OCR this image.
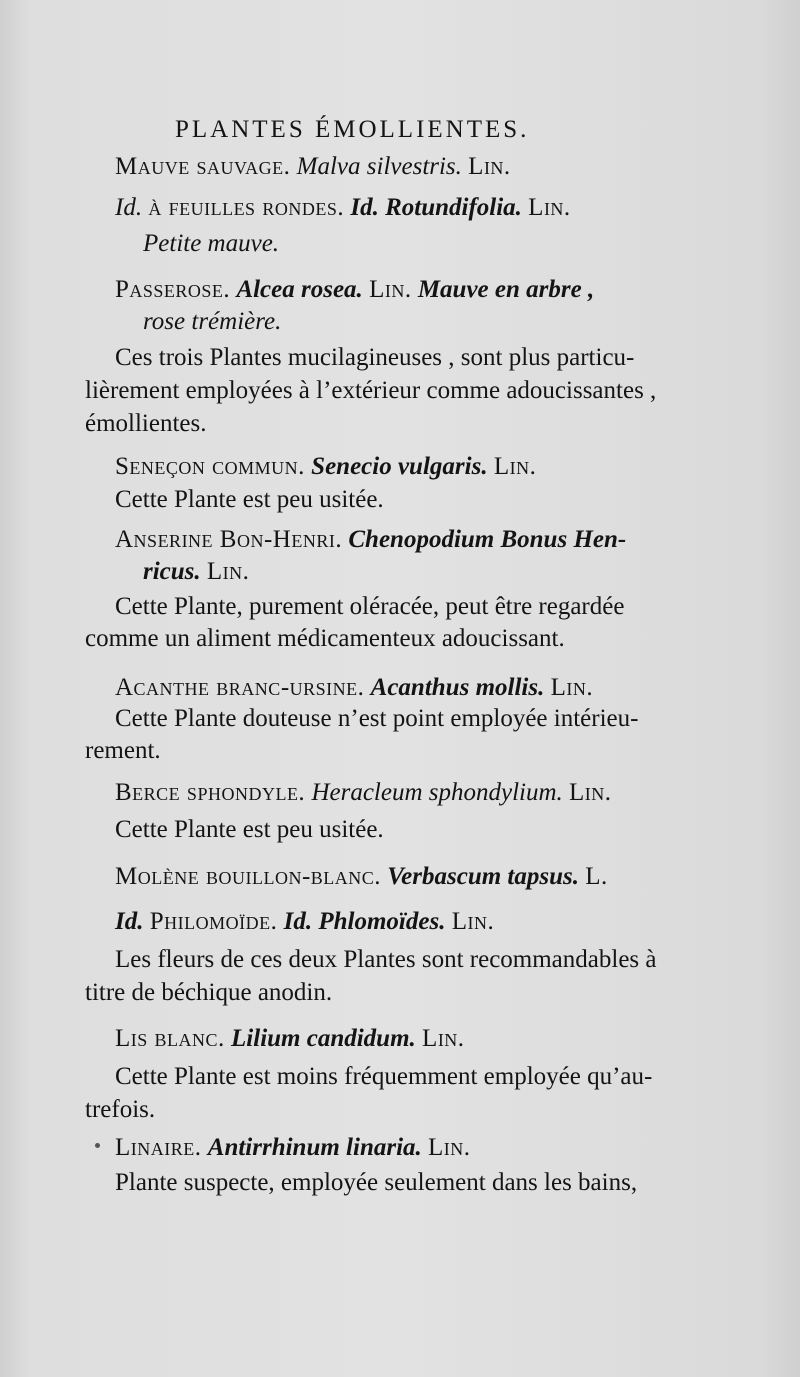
PLANTES ÉMOLLIENTES.
Mauve sauvage. Malva silvestris. Lin.
Id. à feuilles rondes. Id. Rotundifolia. Lin.
Petite mauve.
Passerose. Alcea rosea. Lin. Mauve en arbre ,
rose trémière.
Ces trois Plantes mucilagineuses , sont plus particu-
lièrement employées à l’extérieur comme adoucissantes ,
émollientes.
Seneçon commun. Senecio vulgaris. Lin.
Cette Plante est peu usitée.
Anserine Bon-Henri. Chenopodium Bonus Hen-
ricus. Lin.
Cette Plante, purement oléracée, peut être regardée
comme un aliment médicamenteux adoucissant.
Acanthe branc-ursine. Acanthus mollis. Lin.
Cette Plante douteuse n’est point employée intérieu-
rement.
Berce sphondyle. Heracleum sphondylium. Lin.
Cette Plante est peu usitée.
Molène bouillon-blanc. Verbascum tapsus. L.
Id. Philomoïde. Id. Phlomoïdes. Lin.
Les fleurs de ces deux Plantes sont recommandables à
titre de béchique anodin.
Lis blanc. Lilium candidum. Lin.
Cette Plante est moins fréquemment employée qu’au-
trefois.
Linaire. Antirrhinum linaria. Lin.
Plante suspecte, employée seulement dans les bains,
